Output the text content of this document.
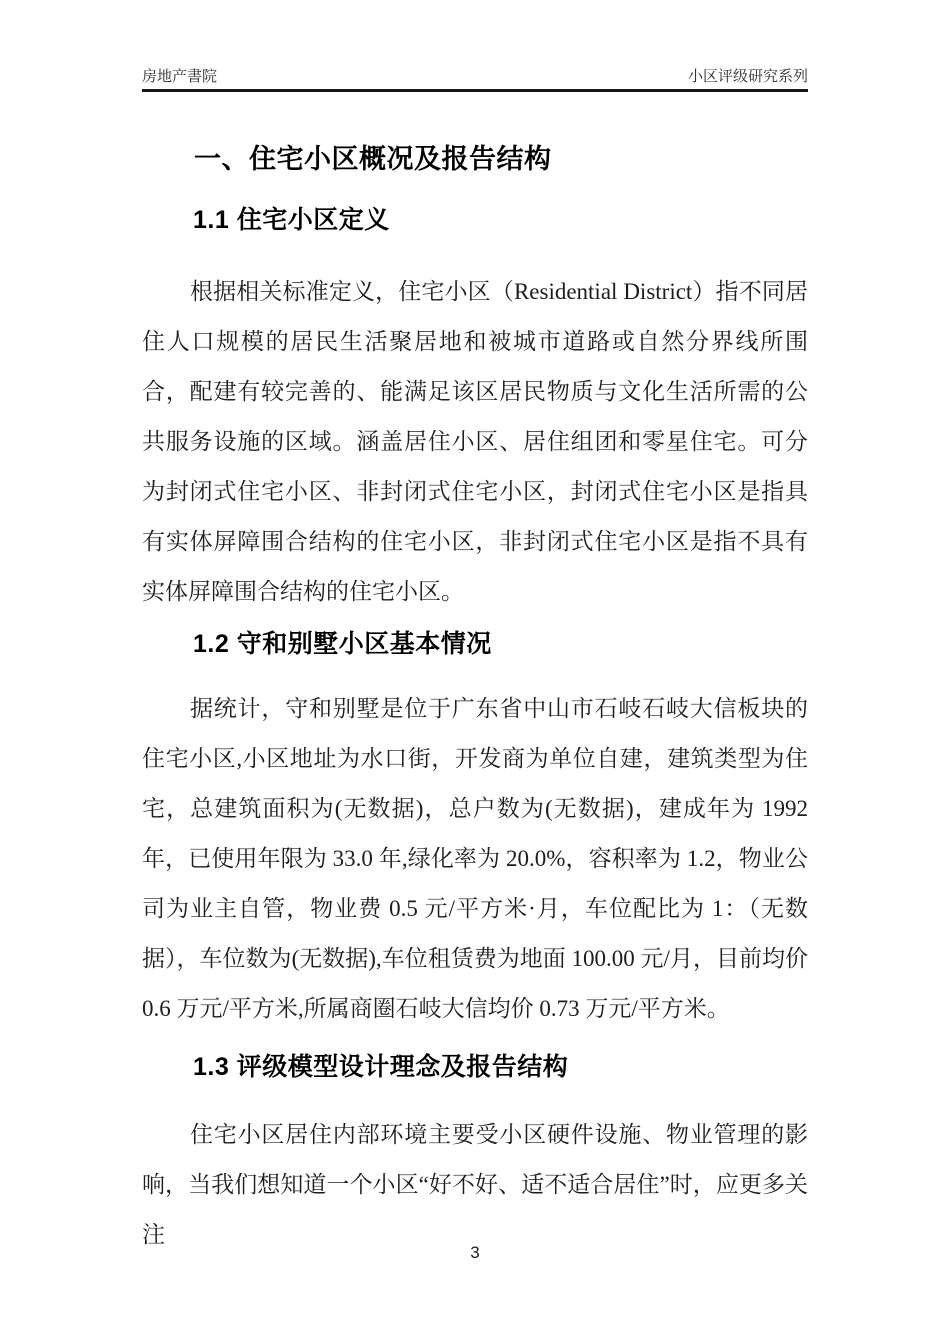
房地产書院	小区评级研究系列
一、住宅小区概况及报告结构
1.1 住宅小区定义

根据相关标准定义，住宅小区（Residential District）指不同居住人口规模的居民生活聚居地和被城市道路或自然分界线所围合，配建有较完善的、能满足该区居民物质与文化生活所需的公共服务设施的区域。涵盖居住小区、居住组团和零星住宅。可分为封闭式住宅小区、非封闭式住宅小区，封闭式住宅小区是指具有实体屏障围合结构的住宅小区，非封闭式住宅小区是指不具有实体屏障围合结构的住宅小区。

1.2 守和别墅小区基本情况

据统计，守和别墅是位于广东省中山市石岐石岐大信板块的住宅小区,小区地址为水口街，开发商为单位自建，建筑类型为住宅，总建筑面积为(无数据)，总户数为(无数据)，建成年为 1992 年，已使用年限为 33.0 年,绿化率为 20.0%，容积率为 1.2，物业公司为业主自管，物业费 0.5 元/平方米·月，车位配比为 1：（无数据），车位数为(无数据),车位租赁费为地面 100.00 元/月，目前均价 0.6 万元/平方米,所属商圈石岐大信均价 0.73 万元/平方米。

1.3 评级模型设计理念及报告结构

住宅小区居住内部环境主要受小区硬件设施、物业管理的影响，当我们想知道一个小区“好不好、适不适合居住”时，应更多关注

3
